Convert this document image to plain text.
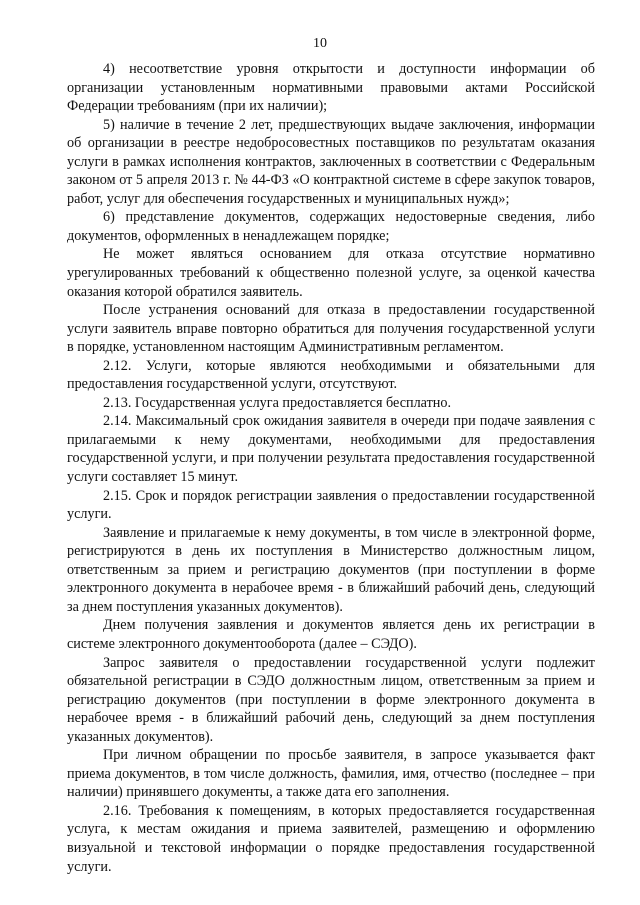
10

4) несоответствие уровня открытости и доступности информации об организации установленным нормативными правовыми актами Российской Федерации требованиям (при их наличии);

5) наличие в течение 2 лет, предшествующих выдаче заключения, информации об организации в реестре недобросовестных поставщиков по результатам оказания услуги в рамках исполнения контрактов, заключенных в соответствии с Федеральным законом от 5 апреля 2013 г. № 44-ФЗ «О контрактной системе в сфере закупок товаров, работ, услуг для обеспечения государственных и муниципальных нужд»;

6) представление документов, содержащих недостоверные сведения, либо документов, оформленных в ненадлежащем порядке;

Не может являться основанием для отказа отсутствие нормативно урегулированных требований к общественно полезной услуге, за оценкой качества оказания которой обратился заявитель.

После устранения оснований для отказа в предоставлении государственной услуги заявитель вправе повторно обратиться для получения государственной услуги в порядке, установленном настоящим Административным регламентом.

2.12. Услуги, которые являются необходимыми и обязательными для предоставления государственной услуги, отсутствуют.

2.13. Государственная услуга предоставляется бесплатно.

2.14. Максимальный срок ожидания заявителя в очереди при подаче заявления с прилагаемыми к нему документами, необходимыми для предоставления государственной услуги, и при получении результата предоставления государственной услуги составляет 15 минут.

2.15. Срок и порядок регистрации заявления о предоставлении государственной услуги.

Заявление и прилагаемые к нему документы, в том числе в электронной форме, регистрируются в день их поступления в Министерство должностным лицом, ответственным за прием и регистрацию документов (при поступлении в форме электронного документа в нерабочее время - в ближайший рабочий день, следующий за днем поступления указанных документов).

Днем получения заявления и документов является день их регистрации в системе электронного документооборота (далее – СЭДО).

Запрос заявителя о предоставлении государственной услуги подлежит обязательной регистрации в СЭДО должностным лицом, ответственным за прием и регистрацию документов (при поступлении в форме электронного документа в нерабочее время - в ближайший рабочий день, следующий за днем поступления указанных документов).

При личном обращении по просьбе заявителя, в запросе указывается факт приема документов, в том числе должность, фамилия, имя, отчество (последнее – при наличии) принявшего документы, а также дата его заполнения.

2.16. Требования к помещениям, в которых предоставляется государственная услуга, к местам ожидания и приема заявителей, размещению и оформлению визуальной и текстовой информации о порядке предоставления государственной услуги.
